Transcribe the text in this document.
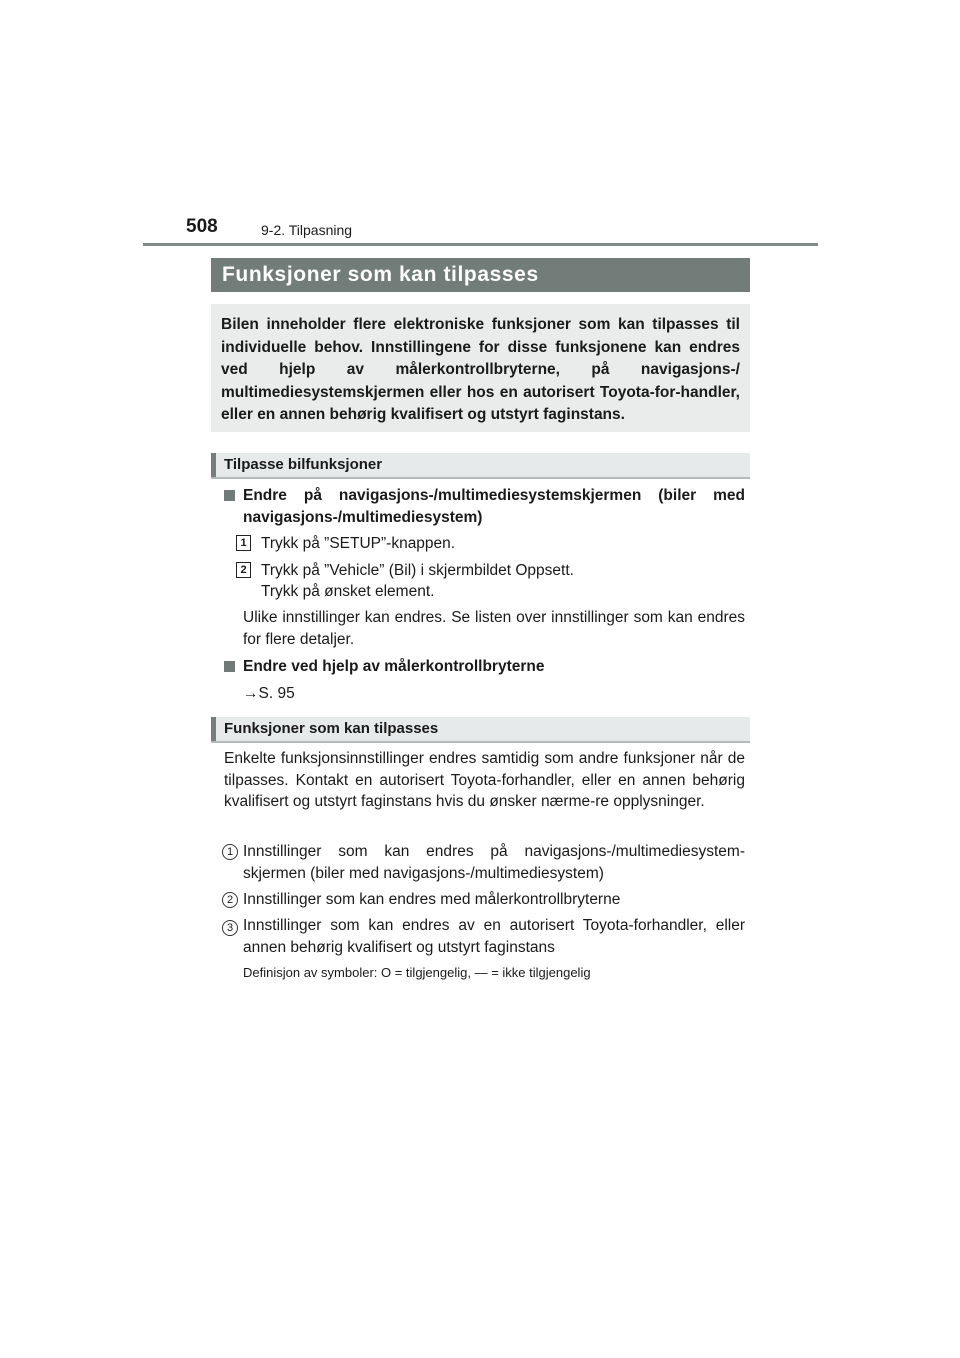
508	9-2. Tilpasning
Funksjoner som kan tilpasses
Bilen inneholder flere elektroniske funksjoner som kan tilpasses til individuelle behov. Innstillingene for disse funksjonene kan endres ved hjelp av målerkontrollbryterne, på navigasjons-/ multimediesystemskjermen eller hos en autorisert Toyota-for-handler, eller en annen behørig kvalifisert og utstyrt faginstans.
Tilpasse bilfunksjoner
Endre på navigasjons-/multimediesystemskjermen (biler med navigasjons-/multimediesystem)
1 Trykk på ”SETUP”-knappen.
2 Trykk på ”Vehicle” (Bil) i skjermbildet Oppsett.
Trykk på ønsket element.
Ulike innstillinger kan endres. Se listen over innstillinger som kan endres for flere detaljer.
Endre ved hjelp av målerkontrollbryterne
→S. 95
Funksjoner som kan tilpasses
Enkelte funksjonsinnstillinger endres samtidig som andre funksjoner når de tilpasses. Kontakt en autorisert Toyota-forhandler, eller en annen behørig kvalifisert og utstyrt faginstans hvis du ønsker nærme-re opplysninger.
1 Innstillinger som kan endres på navigasjons-/multimediesystem-skjermen (biler med navigasjons-/multimediesystem)
2 Innstillinger som kan endres med målerkontrollbryterne
3 Innstillinger som kan endres av en autorisert Toyota-forhandler, eller annen behørig kvalifisert og utstyrt faginstans
Definisjon av symboler: O = tilgjengelig, — = ikke tilgjengelig
